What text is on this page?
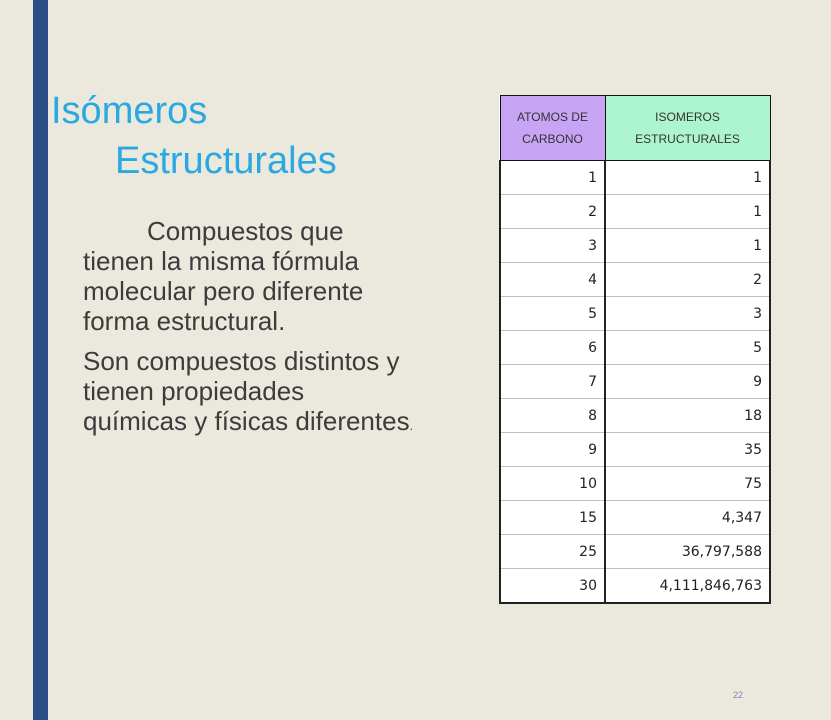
Isómeros
Estructurales

Compuestos que tienen la misma fórmula molecular pero diferente forma estructural.

Son compuestos distintos y tienen propiedades químicas y físicas diferentes.

ATOMOS DE CARBONO	ISOMEROS ESTRUCTURALES
1	1
2	1
3	1
4	2
5	3
6	5
7	9
8	18
9	35
10	75
15	4,347
25	36,797,588
30	4,111,846,763
22
